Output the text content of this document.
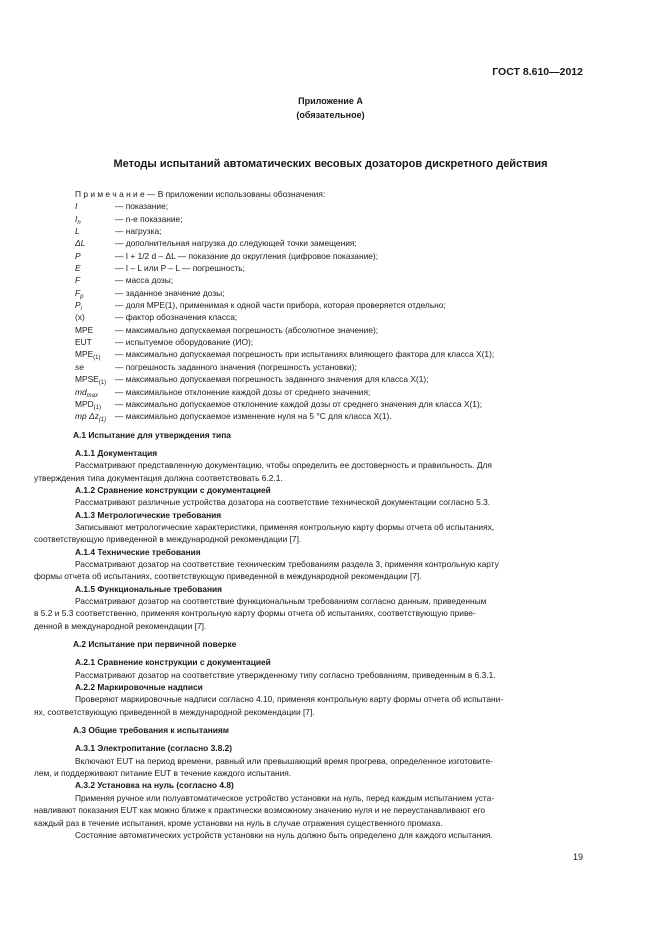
ГОСТ 8.610—2012
Приложение А
(обязательное)
Методы испытаний автоматических весовых дозаторов дискретного действия
П р и м е ч а н и е — В приложении использованы обозначения:
I	— показание;
$I_n$	— n-e показание;
L	— нагрузка;
ΔL	— дополнительная нагрузка до следующей точки замещения;
P	— I + 1/2 d – ΔL — показание до округления (цифровое показание);
E	— I – L или P – L — погрешность;
F	— масса дозы;
$F_p$	— заданное значение дозы;
$P_i$	— доля MPE(1), применимая к одной части прибора, которая проверяется отдельно;
(x)	— фактор обозначения класса;
MPE	— максимально допускаемая погрешность (абсолютное значение);
EUT	— испытуемое оборудование (ИО);
$MPE_{(1)}$	— максимально допускаемая погрешность при испытаниях влияющего фактора для класса X(1);
se	— погрешность заданного значения (погрешность установки);
$MPSE_{(1)}$	— максимально допускаемая погрешность заданного значения для класса X(1);
$md_{max}$	— максимальное отклонение каждой дозы от среднего значения;
$MPD_{(1)}$	— максимально допускаемое отклонение каждой дозы от среднего значения для класса X(1);
mp $\Delta z_{(1)}$	— максимально допускаемое изменение нуля на 5 °С для класса X(1).
А.1 Испытание для утверждения типа
А.1.1 Документация
Рассматривают представленную документацию, чтобы определить ее достоверность и правильность. Для
утверждения типа документация должна соответствовать 6.2.1.
А.1.2 Сравнение конструкции с документацией
Рассматривают различные устройства дозатора на соответствие технической документации согласно 5.3.
А.1.3 Метрологические требования
Записывают метрологические характеристики, применяя контрольную карту формы отчета об испытаниях,
соответствующую приведенной в международной рекомендации [7].
А.1.4 Технические требования
Рассматривают дозатор на соответствие техническим требованиям раздела 3, применяя контрольную карту
формы отчета об испытаниях, соответствующую приведенной в международной рекомендации [7].
А.1.5 Функциональные требования
Рассматривают дозатор на соответствие функциональным требованиям согласно данным, приведенным
в 5.2 и 5.3 соответственно, применяя контрольную карту формы отчета об испытаниях, соответствующую приве-
денной в международной рекомендации [7].
А.2 Испытание при первичной поверке
А.2.1 Сравнение конструкции с документацией
Рассматривают дозатор на соответствие утвержденному типу согласно требованиям, приведенным в 6.3.1.
А.2.2 Маркировочные надписи
Проверяют маркировочные надписи согласно 4.10, применяя контрольную карту формы отчета об испытани-
ях, соответствующую приведенной в международной рекомендации [7].
А.3 Общие требования к испытаниям
А.3.1 Электропитание (согласно 3.8.2)
Включают EUT на период времени, равный или превышающий время прогрева, определенное изготовите-
лем, и поддерживают питание EUT в течение каждого испытания.
А.3.2 Установка на нуль (согласно 4.8)
Применяя ручное или полуавтоматическое устройство установки на нуль, перед каждым испытанием уста-
навливают показания EUT как можно ближе к практически возможному значению нуля и не переустанавливают его
каждый раз в течение испытания, кроме установки на нуль в случае отражения существенного промаха.
Состояние автоматических устройств установки на нуль должно быть определено для каждого испытания.
19
